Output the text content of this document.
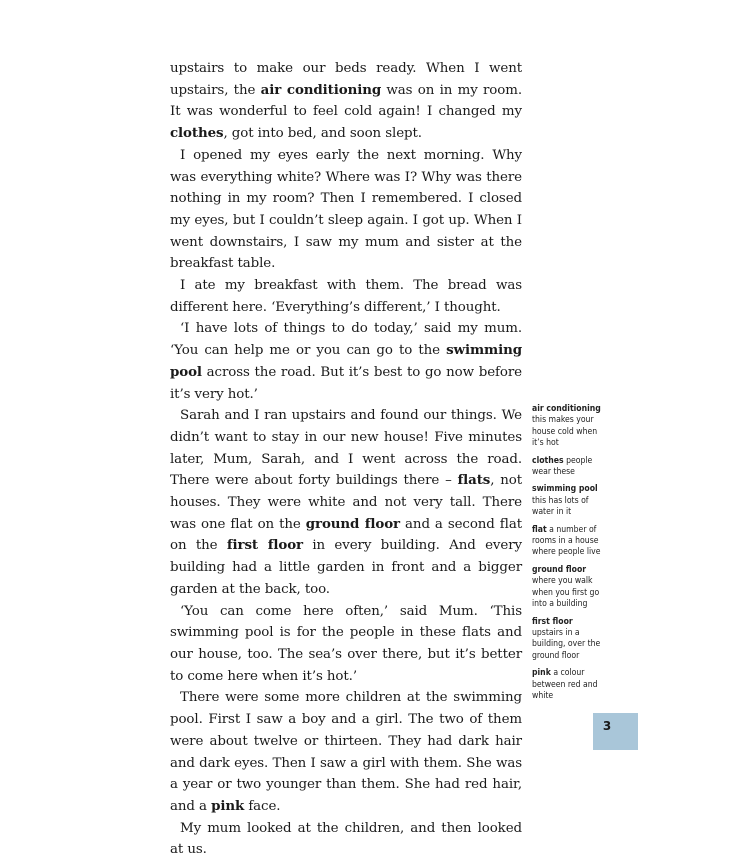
upstairs to make our beds ready. When I went upstairs, the air conditioning was on in my room. It was wonderful to feel cold again! I changed my clothes, got into bed, and soon slept.

I opened my eyes early the next morning. Why was everything white? Where was I? Why was there nothing in my room? Then I remembered. I closed my eyes, but I couldn’t sleep again. I got up. When I went downstairs, I saw my mum and sister at the breakfast table.

I ate my breakfast with them. The bread was different here. ‘Everything’s different,’ I thought.

‘I have lots of things to do today,’ said my mum. ‘You can help me or you can go to the swimming pool across the road. But it’s best to go now before it’s very hot.’

Sarah and I ran upstairs and found our things. We didn’t want to stay in our new house! Five minutes later, Mum, Sarah, and I went across the road. There were about forty buildings there – flats, not houses. They were white and not very tall. There was one flat on the ground floor and a second flat on the first floor in every building. And every building had a little garden in front and a bigger garden at the back, too.

‘You can come here often,’ said Mum. ‘This swimming pool is for the people in these flats and our house, too. The sea’s over there, but it’s better to come here when it’s hot.’

There were some more children at the swimming pool. First I saw a boy and a girl. The two of them were about twelve or thirteen. They had dark hair and dark eyes. Then I saw a girl with them. She was a year or two younger than them. She had red hair, and a pink face.

My mum looked at the children, and then looked at us.

air conditioning this makes your house cold when it’s hot
clothes people wear these
swimming pool this has lots of water in it
flat a number of rooms in a house where people live
ground floor where you walk when you first go into a building
first floor upstairs in a building, over the ground floor
pink a colour between red and white
3
